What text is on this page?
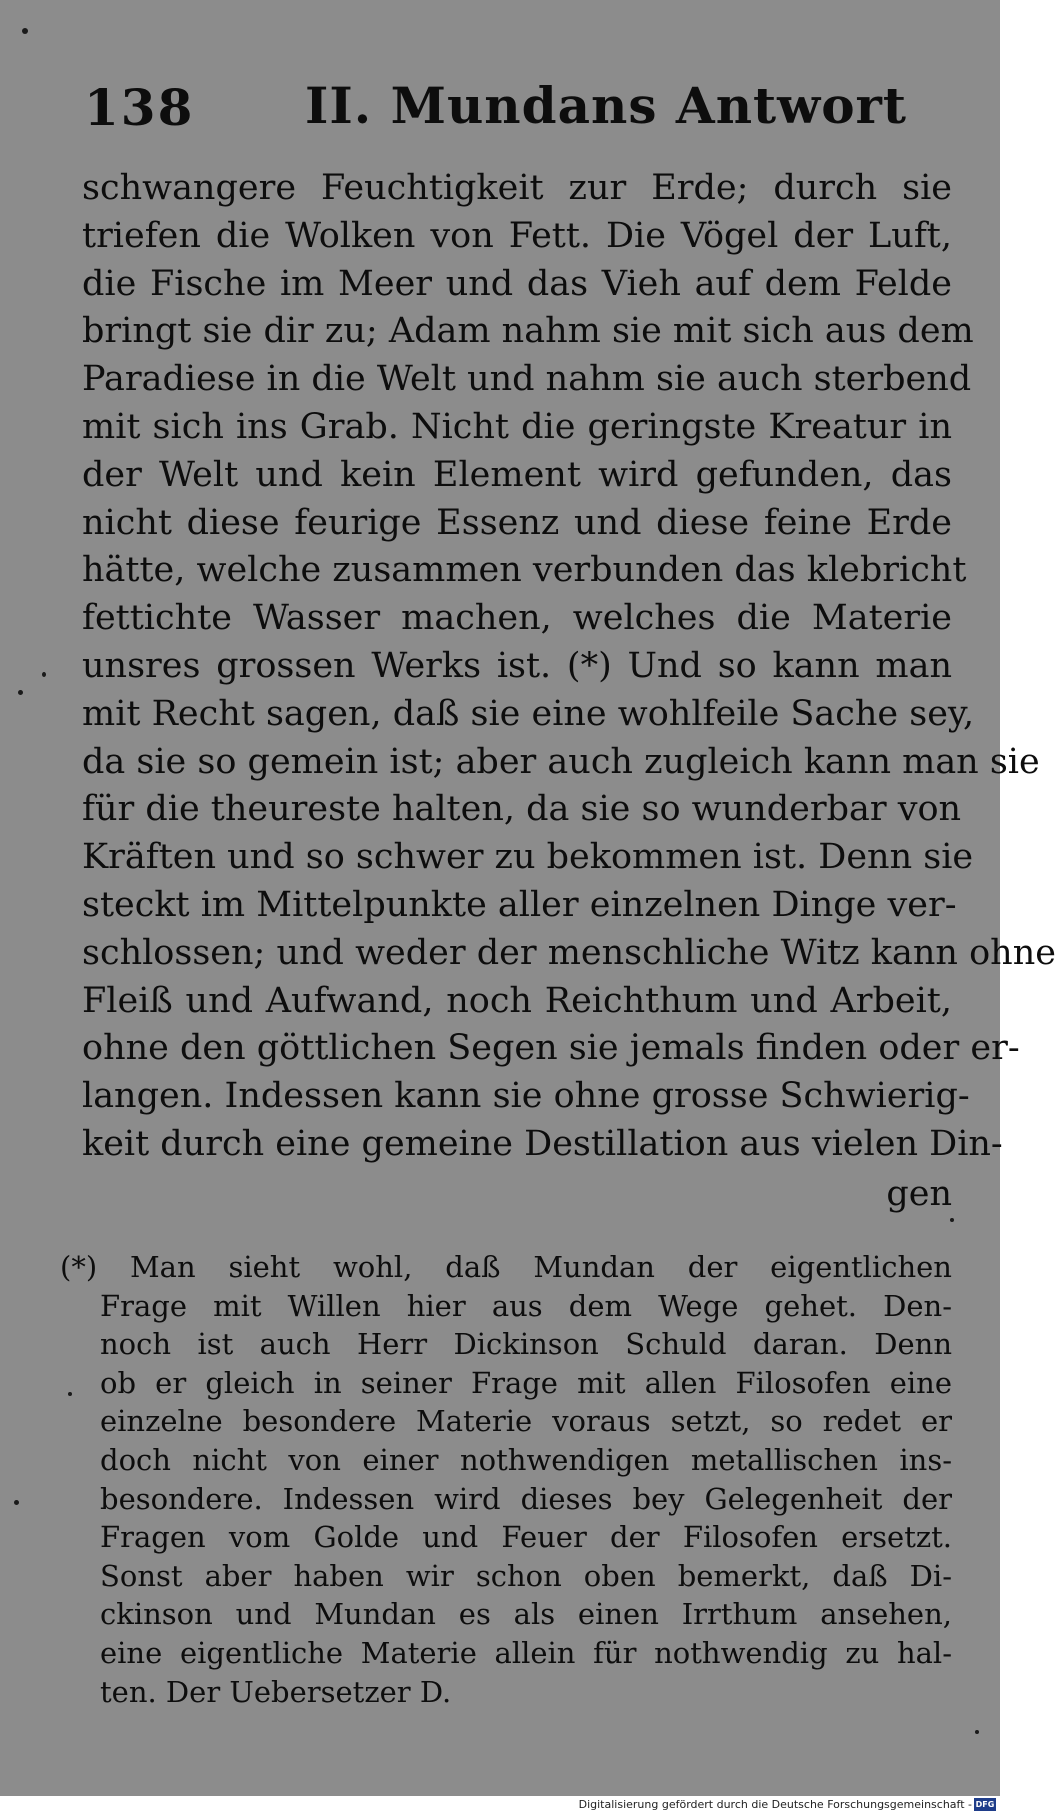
138 II. Mundans Antwort
schwangere Feuchtigkeit zur Erde; durch sie
triefen die Wolken von Fett. Die Vögel der Luft,
die Fische im Meer und das Vieh auf dem Felde
bringt sie dir zu; Adam nahm sie mit sich aus dem
Paradiese in die Welt und nahm sie auch sterbend
mit sich ins Grab. Nicht die geringste Kreatur in
der Welt und kein Element wird gefunden, das
nicht diese feurige Essenz und diese feine Erde
hätte, welche zusammen verbunden das klebricht
fettichte Wasser machen, welches die Materie
unsres grossen Werks ist. (*) Und so kann man
mit Recht sagen, daß sie eine wohlfeile Sache sey,
da sie so gemein ist; aber auch zugleich kann man sie
für die theureste halten, da sie so wunderbar von
Kräften und so schwer zu bekommen ist. Denn sie
steckt im Mittelpunkte aller einzelnen Dinge ver-
schlossen; und weder der menschliche Witz kann ohne
Fleiß und Aufwand, noch Reichthum und Arbeit,
ohne den göttlichen Segen sie jemals finden oder er-
langen. Indessen kann sie ohne grosse Schwierig-
keit durch eine gemeine Destillation aus vielen Din-
gen
(*) Man sieht wohl, daß Mundan der eigentlichen
Frage mit Willen hier aus dem Wege gehet. Den-
noch ist auch Herr Dickinson Schuld daran. Denn
ob er gleich in seiner Frage mit allen Filosofen eine
einzelne besondere Materie voraus setzt, so redet er
doch nicht von einer nothwendigen metallischen ins-
besondere. Indessen wird dieses bey Gelegenheit der
Fragen vom Golde und Feuer der Filosofen ersetzt.
Sonst aber haben wir schon oben bemerkt, daß Di-
ckinson und Mundan es als einen Irrthum ansehen,
eine eigentliche Materie allein für nothwendig zu hal-
ten. Der Uebersetzer D.
Digitalisierung gefördert durch die Deutsche Forschungsgemeinschaft - DFG
